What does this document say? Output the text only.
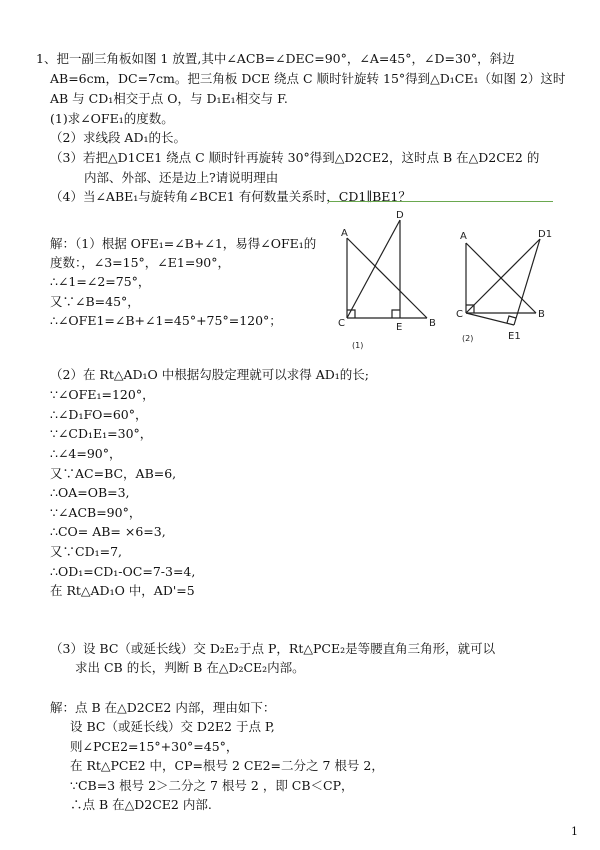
1、把一副三角板如图 1 放置,其中∠ACB=∠DEC=90°，∠A=45°，∠D=30°，斜边
AB=6cm，DC=7cm。把三角板 DCE 绕点 C 顺时针旋转 15°得到△D₁CE₁（如图 2）这时
AB 与 CD₁相交于点 O，与 D₁E₁相交与 F.
(1)求∠OFE₁的度数。
（2）求线段 AD₁的长。
（3）若把△D1CE1 绕点 C 顺时针再旋转 30°得到△D2CE2，这时点 B 在△D2CE2 的
内部、外部、还是边上?请说明理由
（4）当∠ABE₁与旋转角∠BCE1 有何数量关系时，CD1∥BE1？
解：（1）根据 OFE₁=∠B+∠1，易得∠OFE₁的
度数：，∠3=15°，∠E1=90°，
∴∠1=∠2=75°，
又∵∠B=45°，
∴∠OFE1=∠B+∠1=45°+75°=120°；
A
D
C	E	B
(1)
A	D1
C
E1
B
(2)
（2）在 Rt△AD₁O 中根据勾股定理就可以求得 AD₁的长;
∵∠OFE₁=120°，
∴∠D₁FO=60°，
∵∠CD₁E₁=30°，
∴∠4=90°，
又∵AC=BC，AB=6,
∴OA=OB=3,
∵∠ACB=90°，
∴CO= AB= ×6=3,
又∵CD₁=7,
∴OD₁=CD₁-OC=7-3=4,
在 Rt△AD₁O 中，AD'=5
（3）设 BC（或延长线）交 D₂E₂于点 P，Rt△PCE₂是等腰直角三角形，就可以
求出 CB 的长，判断 B 在△D₂CE₂内部。
解：点 B 在△D2CE2 内部，理由如下：
设 BC（或延长线）交 D2E2 于点 P,
则∠PCE2=15°+30°=45°，
在 Rt△PCE2 中，CP=根号 2 CE2=二分之 7 根号 2，
∵CB=3 根号 2＞二分之 7 根号 2 ，即 CB＜CP，
∴点 B 在△D2CE2 内部.
1
